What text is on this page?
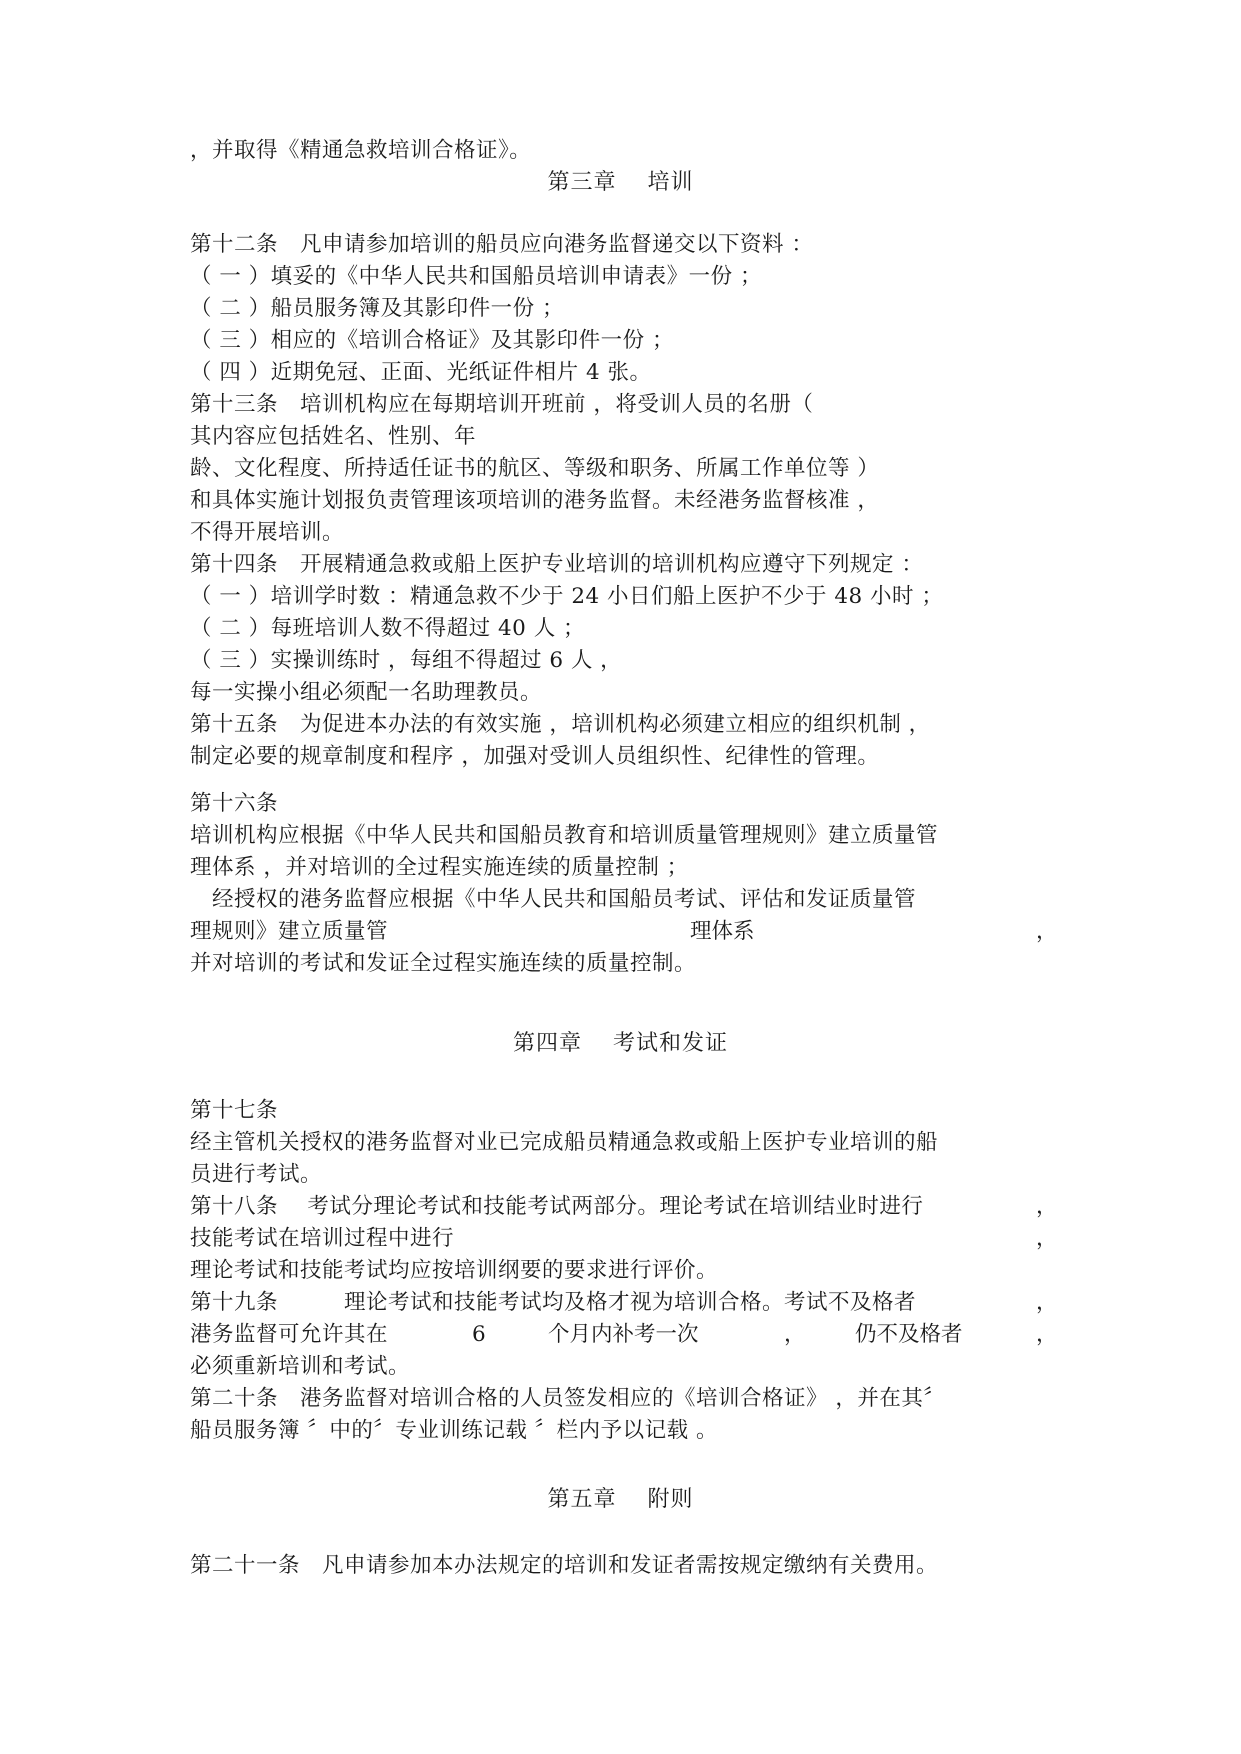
，并取得《精通急救培训合格证》。
第三章　 培训
第十二条　凡申请参加培训的船员应向港务监督递交以下资料 ：
（ 一 ）填妥的《中华人民共和国船员培训申请表》一份 ；
（ 二 ）船员服务簿及其影印件一份 ；
（ 三 ）相应的《培训合格证》及其影印件一份 ；
（ 四 ）近期免冠、正面、光纸证件相片 4 张。
第十三条　培训机构应在每期培训开班前 ，将受训人员的名册（
其内容应包括姓名、性别、年
龄、文化程度、所持适任证书的航区、等级和职务、所属工作单位等 ）
和具体实施计划报负责管理该项培训的港务监督。未经港务监督核准 ，
不得开展培训。
第十四条　开展精通急救或船上医护专业培训的培训机构应遵守下列规定 ：
（ 一 ）培训学时数 ：精通急救不少于 24 小日们船上医护不少于 48 小时 ；
（ 二 ）每班培训人数不得超过 40 人 ；
（ 三 ）实操训练时 ，每组不得超过 6 人 ，
每一实操小组必须配一名助理教员。
第十五条　为促进本办法的有效实施 ，培训机构必须建立相应的组织机制 ，
制定必要的规章制度和程序 ，加强对受训人员组织性、纪律性的管理。
第十六条
培训机构应根据《中华人民共和国船员教育和培训质量管理规则》建立质量管
理体系 ，并对培训的全过程实施连续的质量控制 ；
　经授权的港务监督应根据《中华人民共和国船员考试、评估和发证质量管
理规则》建立质量管	理体系	，
并对培训的考试和发证全过程实施连续的质量控制。
第四章　 考试和发证
第十七条
经主管机关授权的港务监督对业已完成船员精通急救或船上医护专业培训的船
员进行考试。
第十八条　 考试分理论考试和技能考试两部分。理论考试在培训结业时进行	，
技能考试在培训过程中进行	，
理论考试和技能考试均应按培训纲要的要求进行评价。
第十九条　　　理论考试和技能考试均及格才视为培训合格。考试不及格者	，
港务监督可允许其在	6	个月内补考一次	， 仍不及格者	，
必须重新培训和考试。
第二十条　港务监督对培训合格的人员签发相应的《培训合格证》 ，并在其〞
船员服务簿 〞中的〞专业训练记载 〞栏内予以记载 。
第五章　 附则
第二十一条　凡申请参加本办法规定的培训和发证者需按规定缴纳有关费用。
